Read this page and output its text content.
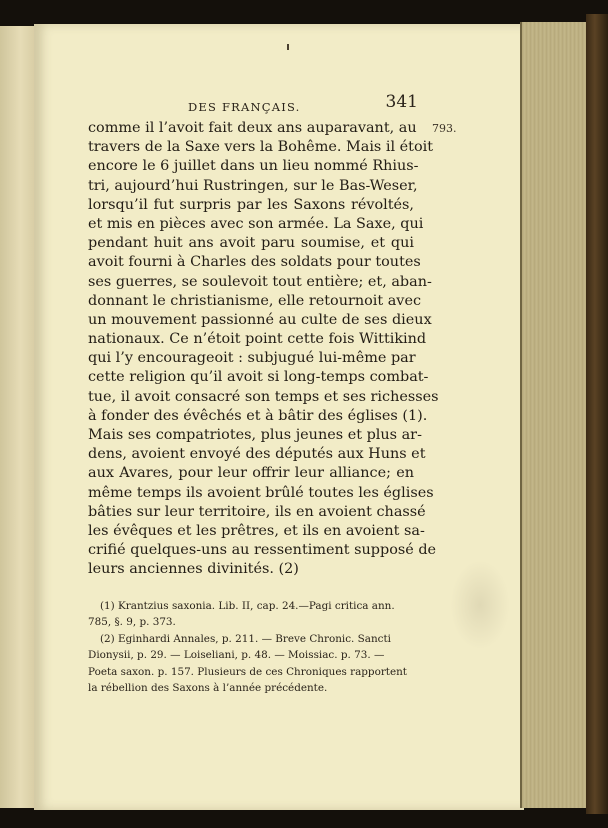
DES FRANÇAIS.	341
793.
comme il l’avoit fait deux ans auparavant, au
travers de la Saxe vers la Bohême. Mais il étoit
encore le 6 juillet dans un lieu nommé Rhius-
tri, aujourd’hui Rustringen, sur le Bas-Weser,
lorsqu’il fut surpris par les Saxons révoltés,
et mis en pièces avec son armée. La Saxe, qui
pendant huit ans avoit paru soumise, et qui
avoit fourni à Charles des soldats pour toutes
ses guerres, se soulevoit tout entière; et, aban-
donnant le christianisme, elle retournoit avec
un mouvement passionné au culte de ses dieux
nationaux. Ce n’étoit point cette fois Wittikind
qui l’y encourageoit : subjugué lui-même par
cette religion qu’il avoit si long-temps combat-
tue, il avoit consacré son temps et ses richesses
à fonder des évêchés et à bâtir des églises (1).
Mais ses compatriotes, plus jeunes et plus ar-
dens, avoient envoyé des députés aux Huns et
aux Avares, pour leur offrir leur alliance; en
même temps ils avoient brûlé toutes les églises
bâties sur leur territoire, ils en avoient chassé
les évêques et les prêtres, et ils en avoient sa-
crifié quelques-uns au ressentiment supposé de
leurs anciennes divinités. (2)
(1) Krantzius saxonia. Lib. II, cap. 24.—Pagi critica ann.
785, §. 9, p. 373.
(2) Eginhardi Annales, p. 211. — Breve Chronic. Sancti
Dionysii, p. 29. — Loiseliani, p. 48. — Moissiac. p. 73. —
Poeta saxon. p. 157. Plusieurs de ces Chroniques rapportent
la rébellion des Saxons à l’année précédente.
